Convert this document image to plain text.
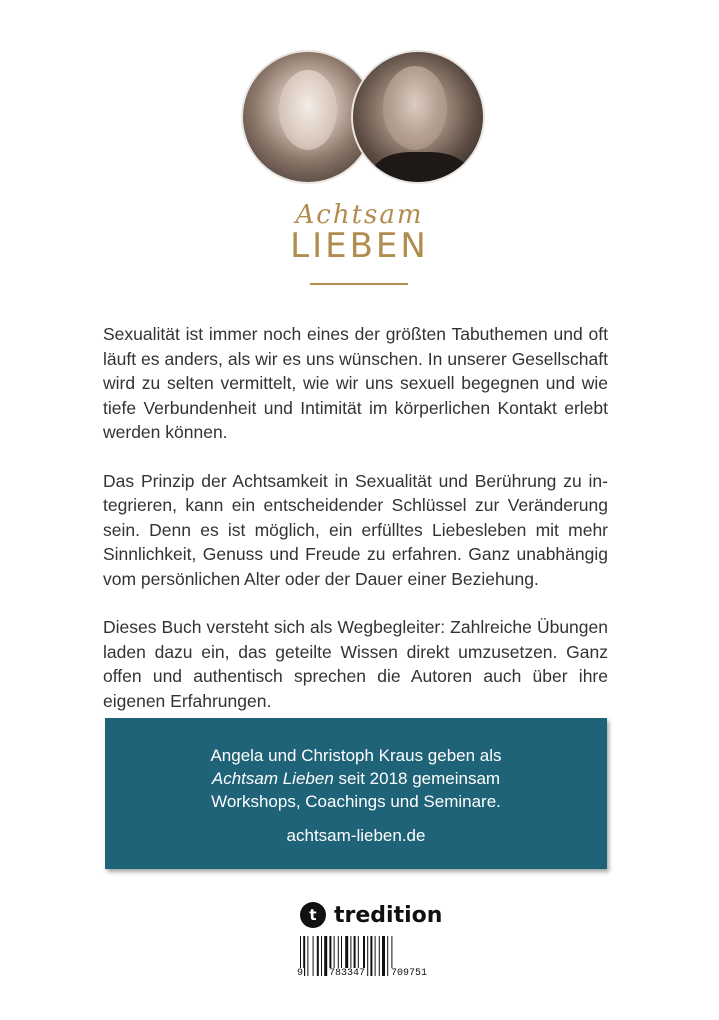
Achtsam
LIEBEN

Sexualität ist immer noch eines der größten Tabuthemen und oft läuft es anders, als wir es uns wünschen. In unserer Gesellschaft wird zu selten vermittelt, wie wir uns sexuell begegnen und wie tiefe Verbundenheit und Intimität im körperlichen Kontakt erlebt werden können.

Das Prinzip der Achtsamkeit in Sexualität und Berührung zu integrieren, kann ein entscheidender Schlüssel zur Veränderung sein. Denn es ist möglich, ein erfülltes Liebesleben mit mehr Sinnlichkeit, Genuss und Freude zu erfahren. Ganz unabhängig vom persönlichen Alter oder der Dauer einer Beziehung.

Dieses Buch versteht sich als Wegbegleiter: Zahlreiche Übungen laden dazu ein, das geteilte Wissen direkt umzusetzen. Ganz offen und authentisch sprechen die Autoren auch über ihre eigenen Erfahrungen.

Angela und Christoph Kraus geben als
Achtsam Lieben seit 2018 gemeinsam
Workshops, Coachings und Seminare.
achtsam-lieben.de
t tredition
9	783347	709751
